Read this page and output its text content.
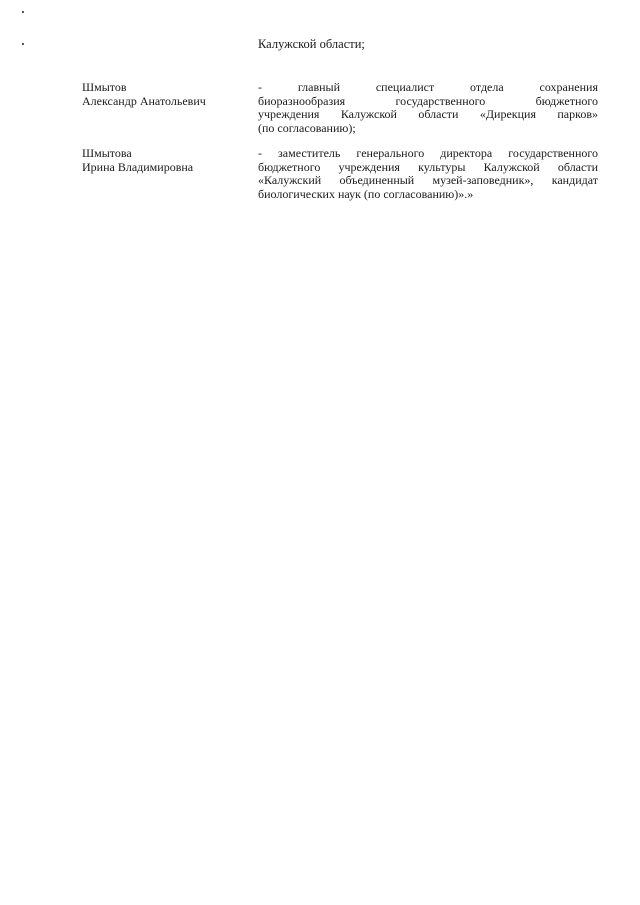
Калужской области;
Шмытов
Александр Анатольевич
- главный специалист отдела сохранения
биоразнообразия государственного бюджетного
учреждения Калужской области «Дирекция парков»
(по согласованию);
Шмытова
Ирина Владимировна
- заместитель генерального директора государственного
бюджетного учреждения культуры Калужской области
«Калужский объединенный музей-заповедник», кандидат
биологических наук (по согласованию)».»
